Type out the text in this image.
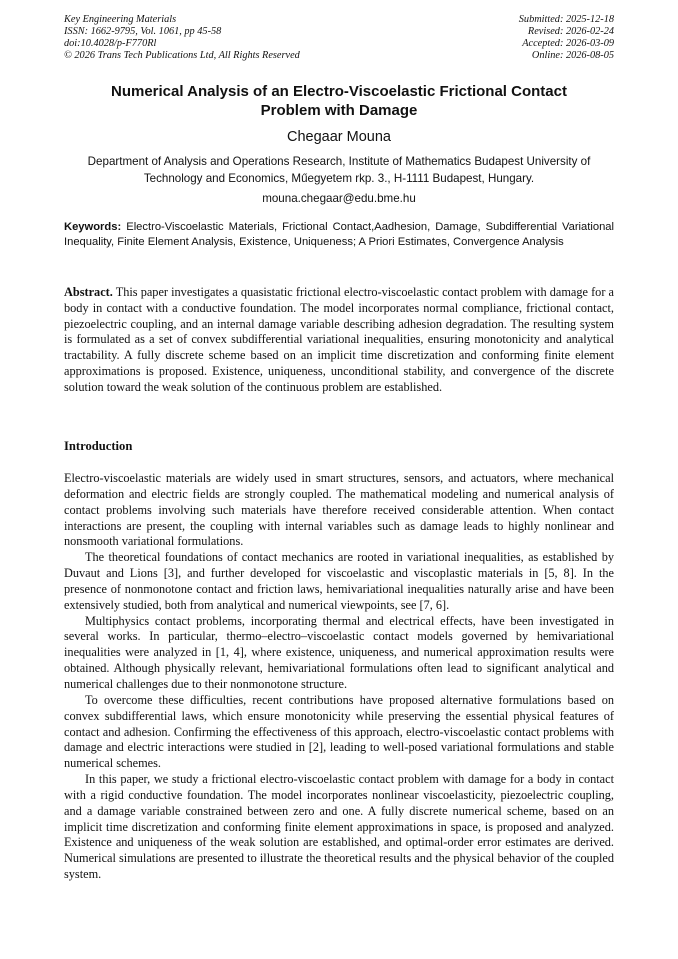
Key Engineering Materials
ISSN: 1662-9795, Vol. 1061, pp 45-58
doi:10.4028/p-F770Rl
© 2026 Trans Tech Publications Ltd, All Rights Reserved
Submitted: 2025-12-18
Revised: 2026-02-24
Accepted: 2026-03-09
Online: 2026-08-05
Numerical Analysis of an Electro-Viscoelastic Frictional Contact Problem with Damage
Chegaar Mouna
Department of Analysis and Operations Research, Institute of Mathematics Budapest University of Technology and Economics, Műegyetem rkp. 3., H-1111 Budapest, Hungary.
mouna.chegaar@edu.bme.hu
Keywords: Electro-Viscoelastic Materials, Frictional Contact,Aadhesion, Damage, Subdifferential Variational Inequality, Finite Element Analysis, Existence, Uniqueness; A Priori Estimates, Convergence Analysis
Abstract. This paper investigates a quasistatic frictional electro-viscoelastic contact problem with damage for a body in contact with a conductive foundation. The model incorporates normal compliance, frictional contact, piezoelectric coupling, and an internal damage variable describing adhesion degradation. The resulting system is formulated as a set of convex subdifferential variational inequalities, ensuring monotonicity and analytical tractability. A fully discrete scheme based on an implicit time discretization and conforming finite element approximations is proposed. Existence, uniqueness, unconditional stability, and convergence of the discrete solution toward the weak solution of the continuous problem are established.
Introduction

Electro-viscoelastic materials are widely used in smart structures, sensors, and actuators, where mechanical deformation and electric fields are strongly coupled. The mathematical modeling and numerical analysis of contact problems involving such materials have therefore received considerable attention. When contact interactions are present, the coupling with internal variables such as damage leads to highly nonlinear and nonsmooth variational formulations.

The theoretical foundations of contact mechanics are rooted in variational inequalities, as established by Duvaut and Lions [3], and further developed for viscoelastic and viscoplastic materials in [5, 8]. In the presence of nonmonotone contact and friction laws, hemivariational inequalities naturally arise and have been extensively studied, both from analytical and numerical viewpoints, see [7, 6].

Multiphysics contact problems, incorporating thermal and electrical effects, have been investigated in several works. In particular, thermo–electro–viscoelastic contact models governed by hemivariational inequalities were analyzed in [1, 4], where existence, uniqueness, and numerical approximation results were obtained. Although physically relevant, hemivariational formulations often lead to significant analytical and numerical challenges due to their nonmonotone structure.

To overcome these difficulties, recent contributions have proposed alternative formulations based on convex subdifferential laws, which ensure monotonicity while preserving the essential physical features of contact and adhesion. Confirming the effectiveness of this approach, electro-viscoelastic contact problems with damage and electric interactions were studied in [2], leading to well-posed variational formulations and stable numerical schemes.

In this paper, we study a frictional electro-viscoelastic contact problem with damage for a body in contact with a rigid conductive foundation. The model incorporates nonlinear viscoelasticity, piezoelectric coupling, and a damage variable constrained between zero and one. A fully discrete numerical scheme, based on an implicit time discretization and conforming finite element approximations in space, is proposed and analyzed. Existence and uniqueness of the weak solution are established, and optimal-order error estimates are derived. Numerical simulations are presented to illustrate the theoretical results and the physical behavior of the coupled system.
